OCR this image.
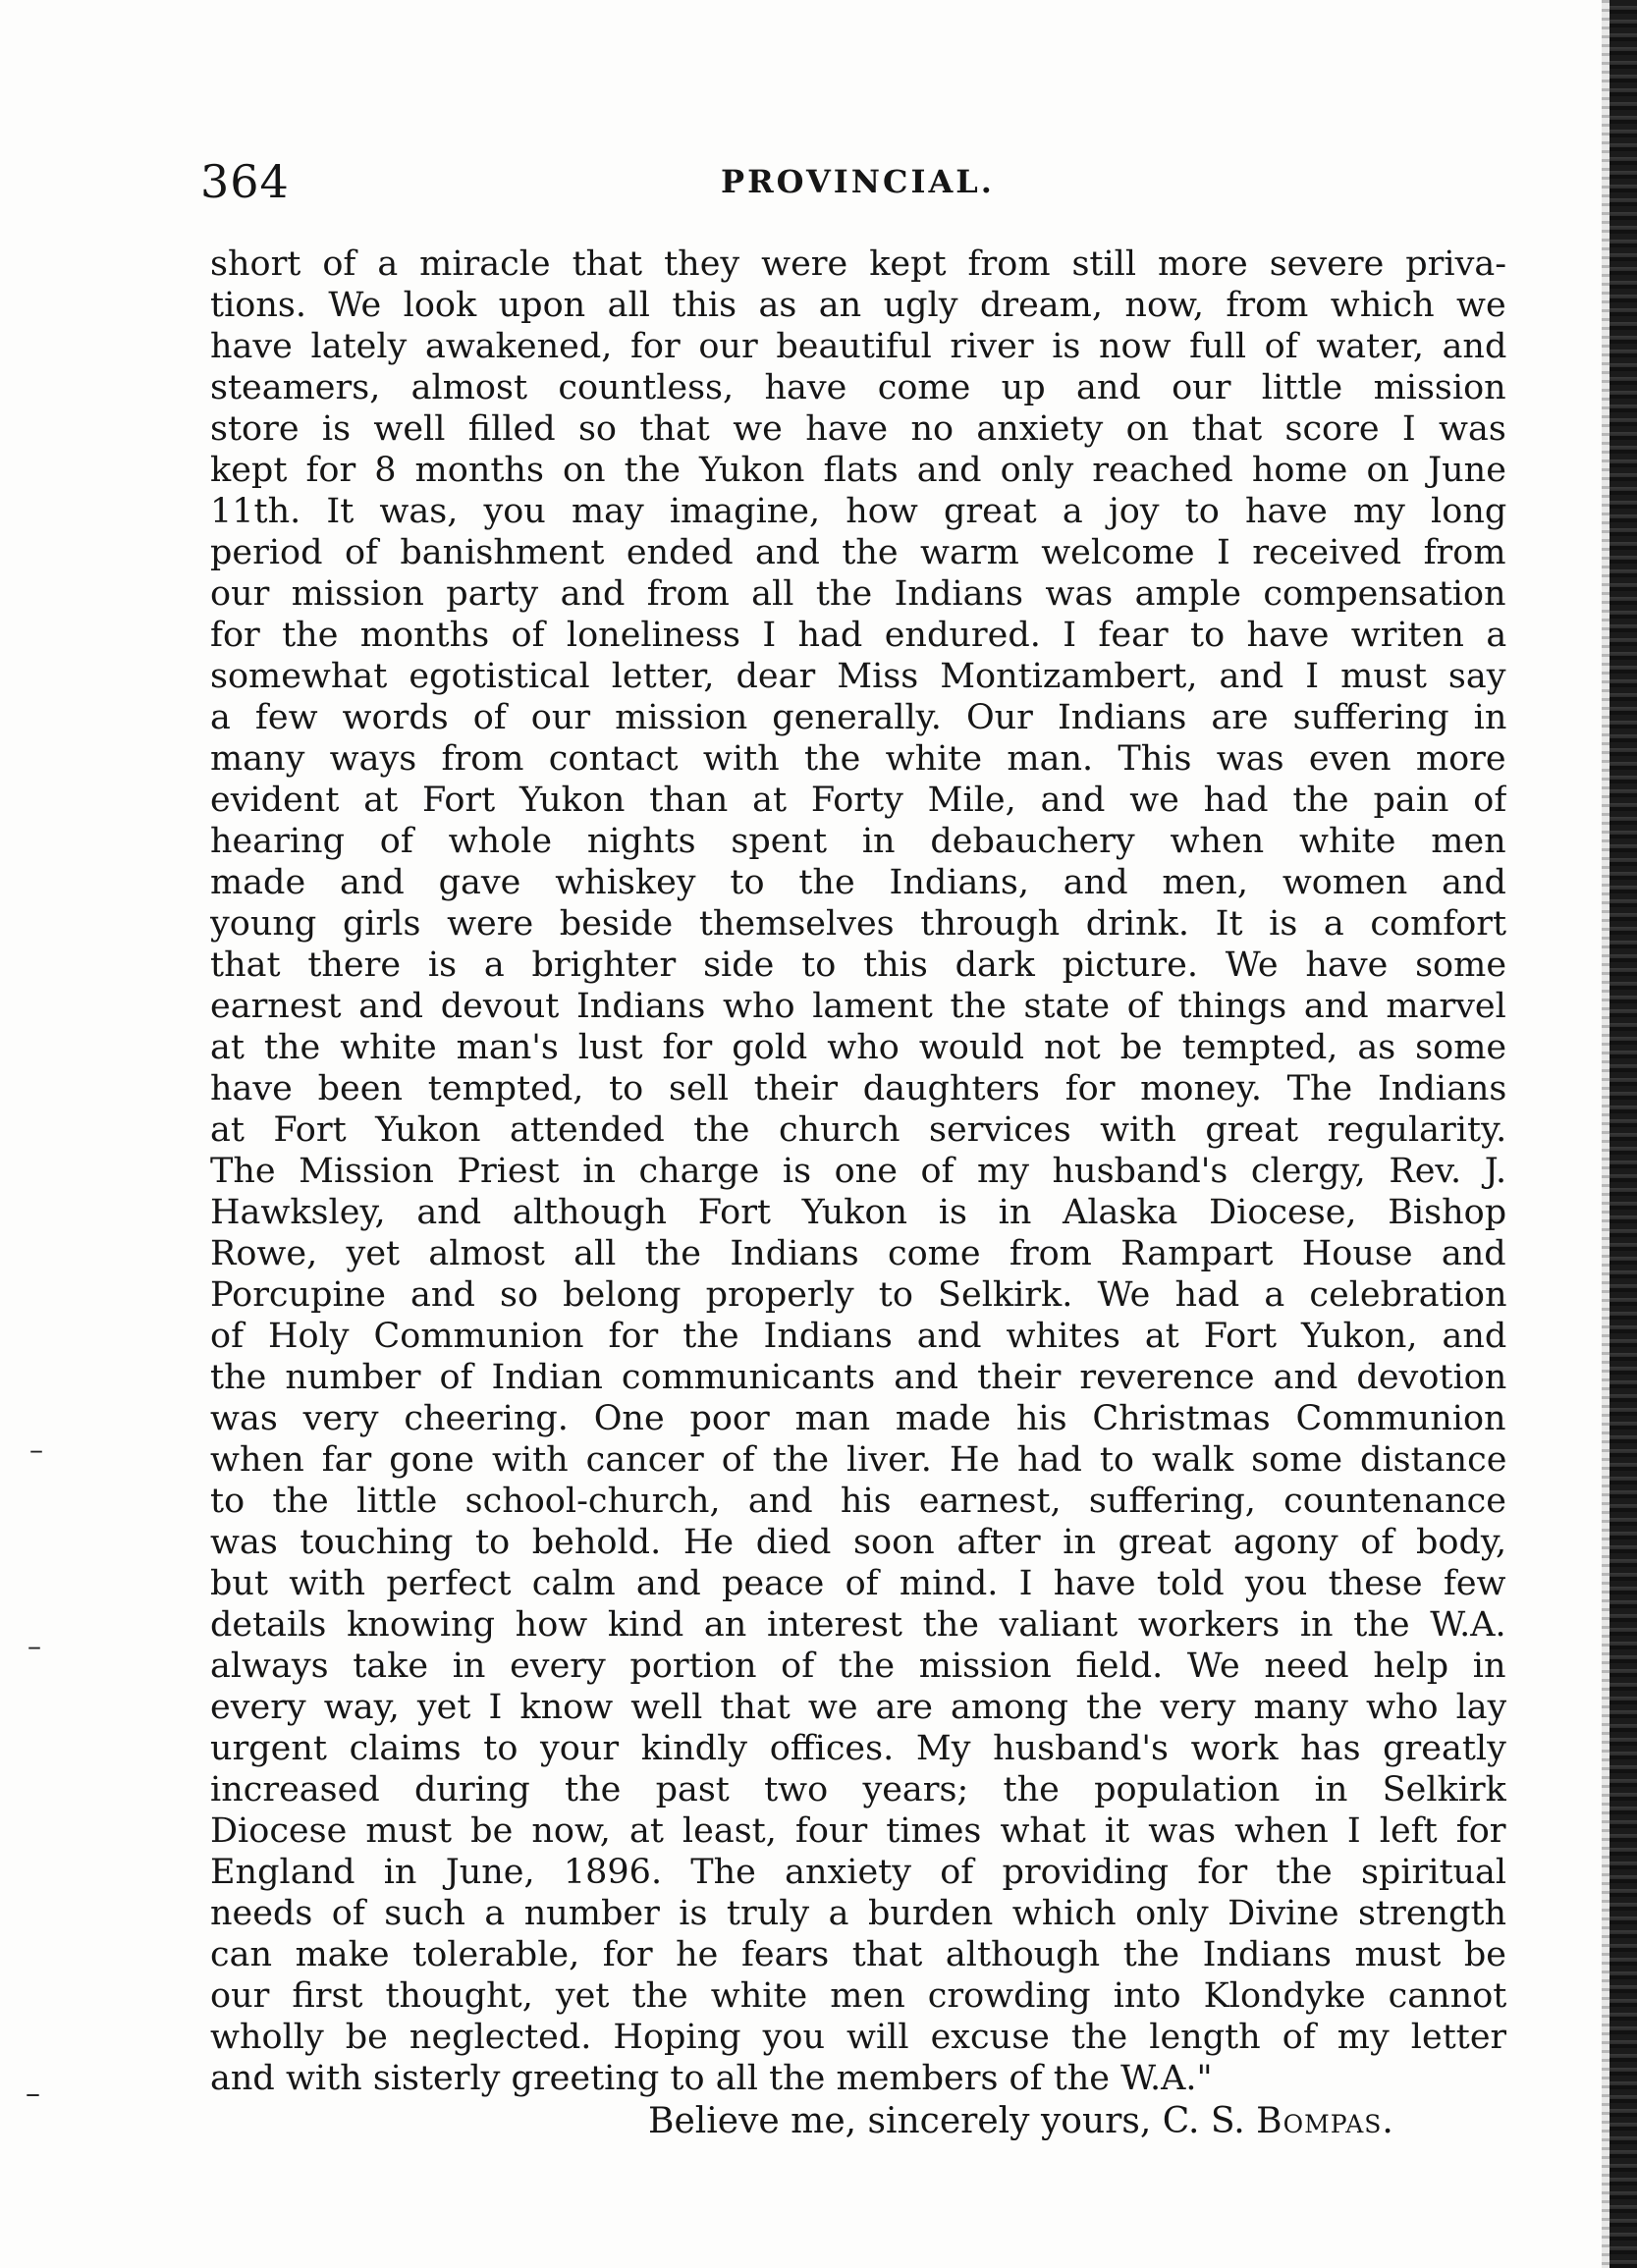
364	PROVINCIAL.
short of a miracle that they were kept from still more severe priva-
tions. We look upon all this as an ugly dream, now, from which we
have lately awakened, for our beautiful river is now full of water, and
steamers, almost countless, have come up and our little mission
store is well filled so that we have no anxiety on that score I was
kept for 8 months on the Yukon flats and only reached home on June
11th. It was, you may imagine, how great a joy to have my long
period of banishment ended and the warm welcome I received from
our mission party and from all the Indians was ample compensation
for the months of loneliness I had endured. I fear to have writen a
somewhat egotistical letter, dear Miss Montizambert, and I must say
a few words of our mission generally. Our Indians are suffering in
many ways from contact with the white man. This was even more
evident at Fort Yukon than at Forty Mile, and we had the pain of
hearing of whole nights spent in debauchery when white men
made and gave whiskey to the Indians, and men, women and
young girls were beside themselves through drink. It is a comfort
that there is a brighter side to this dark picture. We have some
earnest and devout Indians who lament the state of things and marvel
at the white man's lust for gold who would not be tempted, as some
have been tempted, to sell their daughters for money. The Indians
at Fort Yukon attended the church services with great regularity.
The Mission Priest in charge is one of my husband's clergy, Rev. J.
Hawksley, and although Fort Yukon is in Alaska Diocese, Bishop
Rowe, yet almost all the Indians come from Rampart House and
Porcupine and so belong properly to Selkirk. We had a celebration
of Holy Communion for the Indians and whites at Fort Yukon, and
the number of Indian communicants and their reverence and devotion
was very cheering. One poor man made his Christmas Communion
when far gone with cancer of the liver. He had to walk some distance
to the little school-church, and his earnest, suffering, countenance
was touching to behold. He died soon after in great agony of body,
but with perfect calm and peace of mind. I have told you these few
details knowing how kind an interest the valiant workers in the W.A.
always take in every portion of the mission field. We need help in
every way, yet I know well that we are among the very many who lay
urgent claims to your kindly offices. My husband's work has greatly
increased during the past two years; the population in Selkirk
Diocese must be now, at least, four times what it was when I left for
England in June, 1896. The anxiety of providing for the spiritual
needs of such a number is truly a burden which only Divine strength
can make tolerable, for he fears that although the Indians must be
our first thought, yet the white men crowding into Klondyke cannot
wholly be neglected. Hoping you will excuse the length of my letter
and with sisterly greeting to all the members of the W.A."
Believe me, sincerely yours, C. S. Bompas.
–
–
–
